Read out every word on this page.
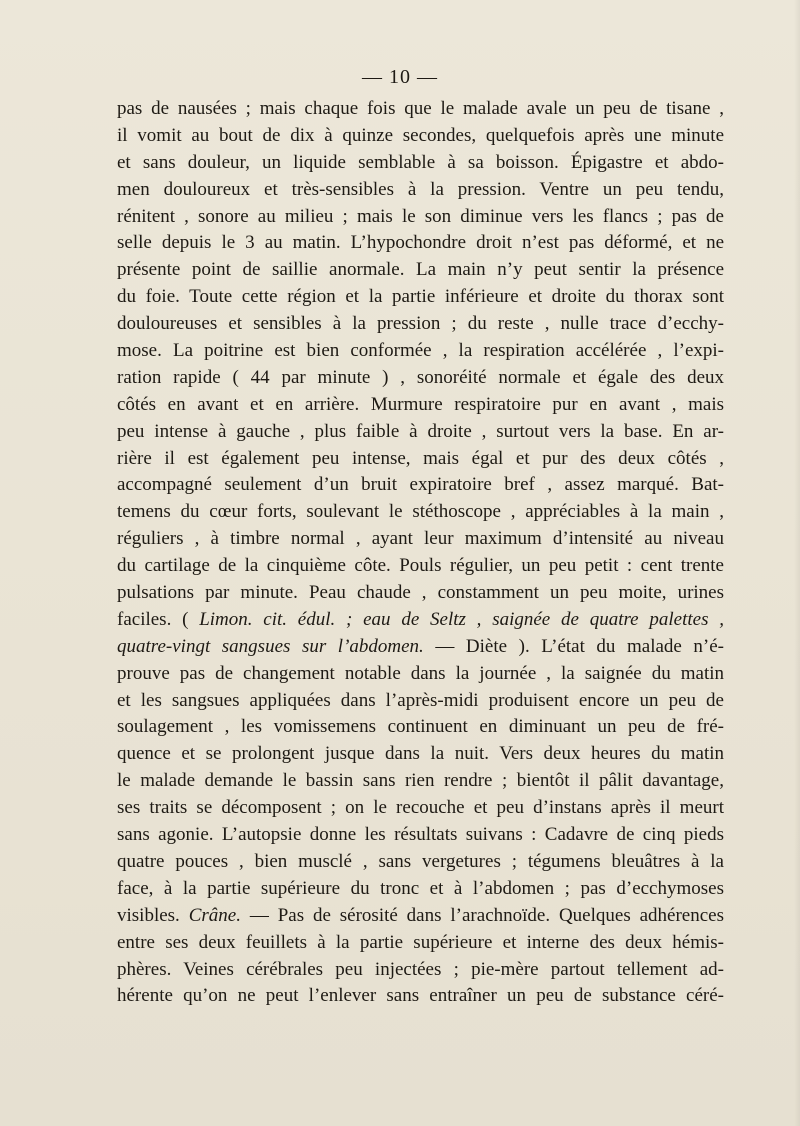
— 10 —
pas de nausées ; mais chaque fois que le malade avale un peu de tisane ,
il vomit au bout de dix à quinze secondes, quelquefois après une minute
et sans douleur, un liquide semblable à sa boisson. Épigastre et abdo-
men douloureux et très-sensibles à la pression. Ventre un peu tendu,
rénitent , sonore au milieu ; mais le son diminue vers les flancs ; pas de
selle depuis le 3 au matin. L’hypochondre droit n’est pas déformé, et ne
présente point de saillie anormale. La main n’y peut sentir la présence
du foie. Toute cette région et la partie inférieure et droite du thorax sont
douloureuses et sensibles à la pression ; du reste , nulle trace d’ecchy-
mose. La poitrine est bien conformée , la respiration accélérée , l’expi-
ration rapide ( 44 par minute ) , sonoréité normale et égale des deux
côtés en avant et en arrière. Murmure respiratoire pur en avant , mais
peu intense à gauche , plus faible à droite , surtout vers la base. En ar-
rière il est également peu intense, mais égal et pur des deux côtés ,
accompagné seulement d’un bruit expiratoire bref , assez marqué. Bat-
temens du cœur forts, soulevant le stéthoscope , appréciables à la main ,
réguliers , à timbre normal , ayant leur maximum d’intensité au niveau
du cartilage de la cinquième côte. Pouls régulier, un peu petit : cent trente
pulsations par minute. Peau chaude , constamment un peu moite, urines
faciles. ( Limon. cit. édul. ; eau de Seltz , saignée de quatre palettes ,
quatre-vingt sangsues sur l’abdomen. — Diète ). L’état du malade n’é-
prouve pas de changement notable dans la journée , la saignée du matin
et les sangsues appliquées dans l’après-midi produisent encore un peu de
soulagement , les vomissemens continuent en diminuant un peu de fré-
quence et se prolongent jusque dans la nuit. Vers deux heures du matin
le malade demande le bassin sans rien rendre ; bientôt il pâlit davantage,
ses traits se décomposent ; on le recouche et peu d’instans après il meurt
sans agonie. L’autopsie donne les résultats suivans : Cadavre de cinq pieds
quatre pouces , bien musclé , sans vergetures ; tégumens bleuâtres à la
face, à la partie supérieure du tronc et à l’abdomen ; pas d’ecchymoses
visibles. Crâne. — Pas de sérosité dans l’arachnoïde. Quelques adhérences
entre ses deux feuillets à la partie supérieure et interne des deux hémis-
phères. Veines cérébrales peu injectées ; pie-mère partout tellement ad-
hérente qu’on ne peut l’enlever sans entraîner un peu de substance céré-
